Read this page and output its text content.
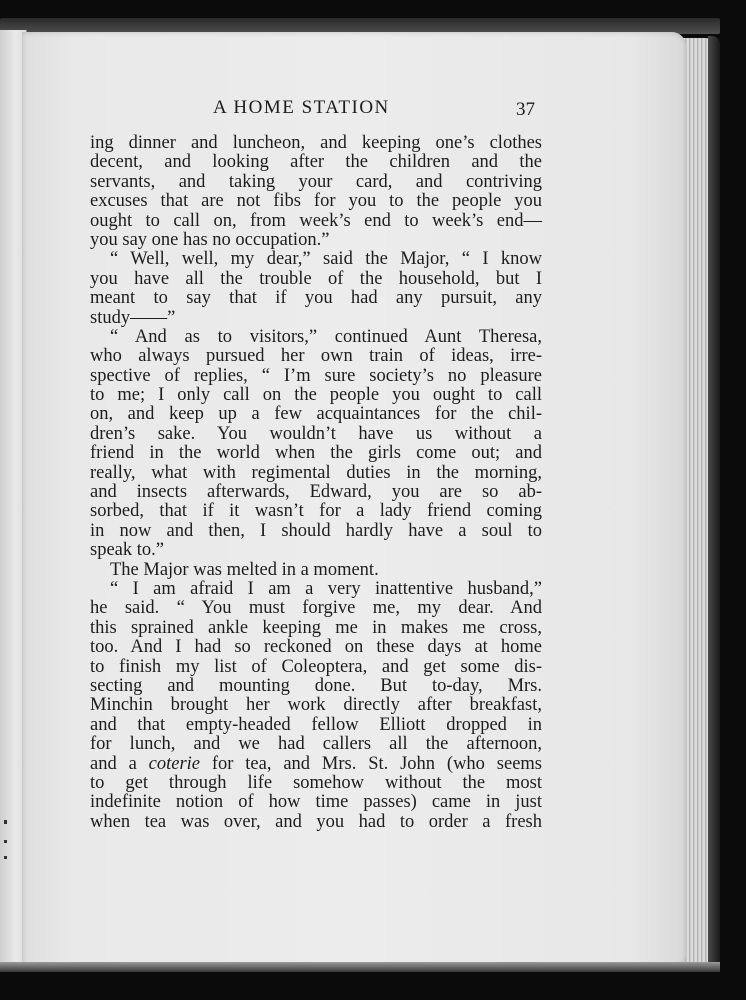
A HOME STATION	37
ing dinner and luncheon, and keeping one’s clothes
decent, and looking after the children and the
servants, and taking your card, and contriving
excuses that are not fibs for you to the people you
ought to call on, from week’s end to week’s end—
you say one has no occupation.”
“ Well, well, my dear,” said the Major, “ I know
you have all the trouble of the household, but I
meant to say that if you had any pursuit, any
study——”
“ And as to visitors,” continued Aunt Theresa,
who always pursued her own train of ideas, irre-
spective of replies, “ I’m sure society’s no pleasure
to me; I only call on the people you ought to call
on, and keep up a few acquaintances for the chil-
dren’s sake. You wouldn’t have us without a
friend in the world when the girls come out; and
really, what with regimental duties in the morning,
and insects afterwards, Edward, you are so ab-
sorbed, that if it wasn’t for a lady friend coming
in now and then, I should hardly have a soul to
speak to.”
The Major was melted in a moment.
“ I am afraid I am a very inattentive husband,”
he said. “ You must forgive me, my dear. And
this sprained ankle keeping me in makes me cross,
too. And I had so reckoned on these days at home
to finish my list of Coleoptera, and get some dis-
secting and mounting done. But to-day, Mrs.
Minchin brought her work directly after breakfast,
and that empty-headed fellow Elliott dropped in
for lunch, and we had callers all the afternoon,
and a coterie for tea, and Mrs. St. John (who seems
to get through life somehow without the most
indefinite notion of how time passes) came in just
when tea was over, and you had to order a fresh
